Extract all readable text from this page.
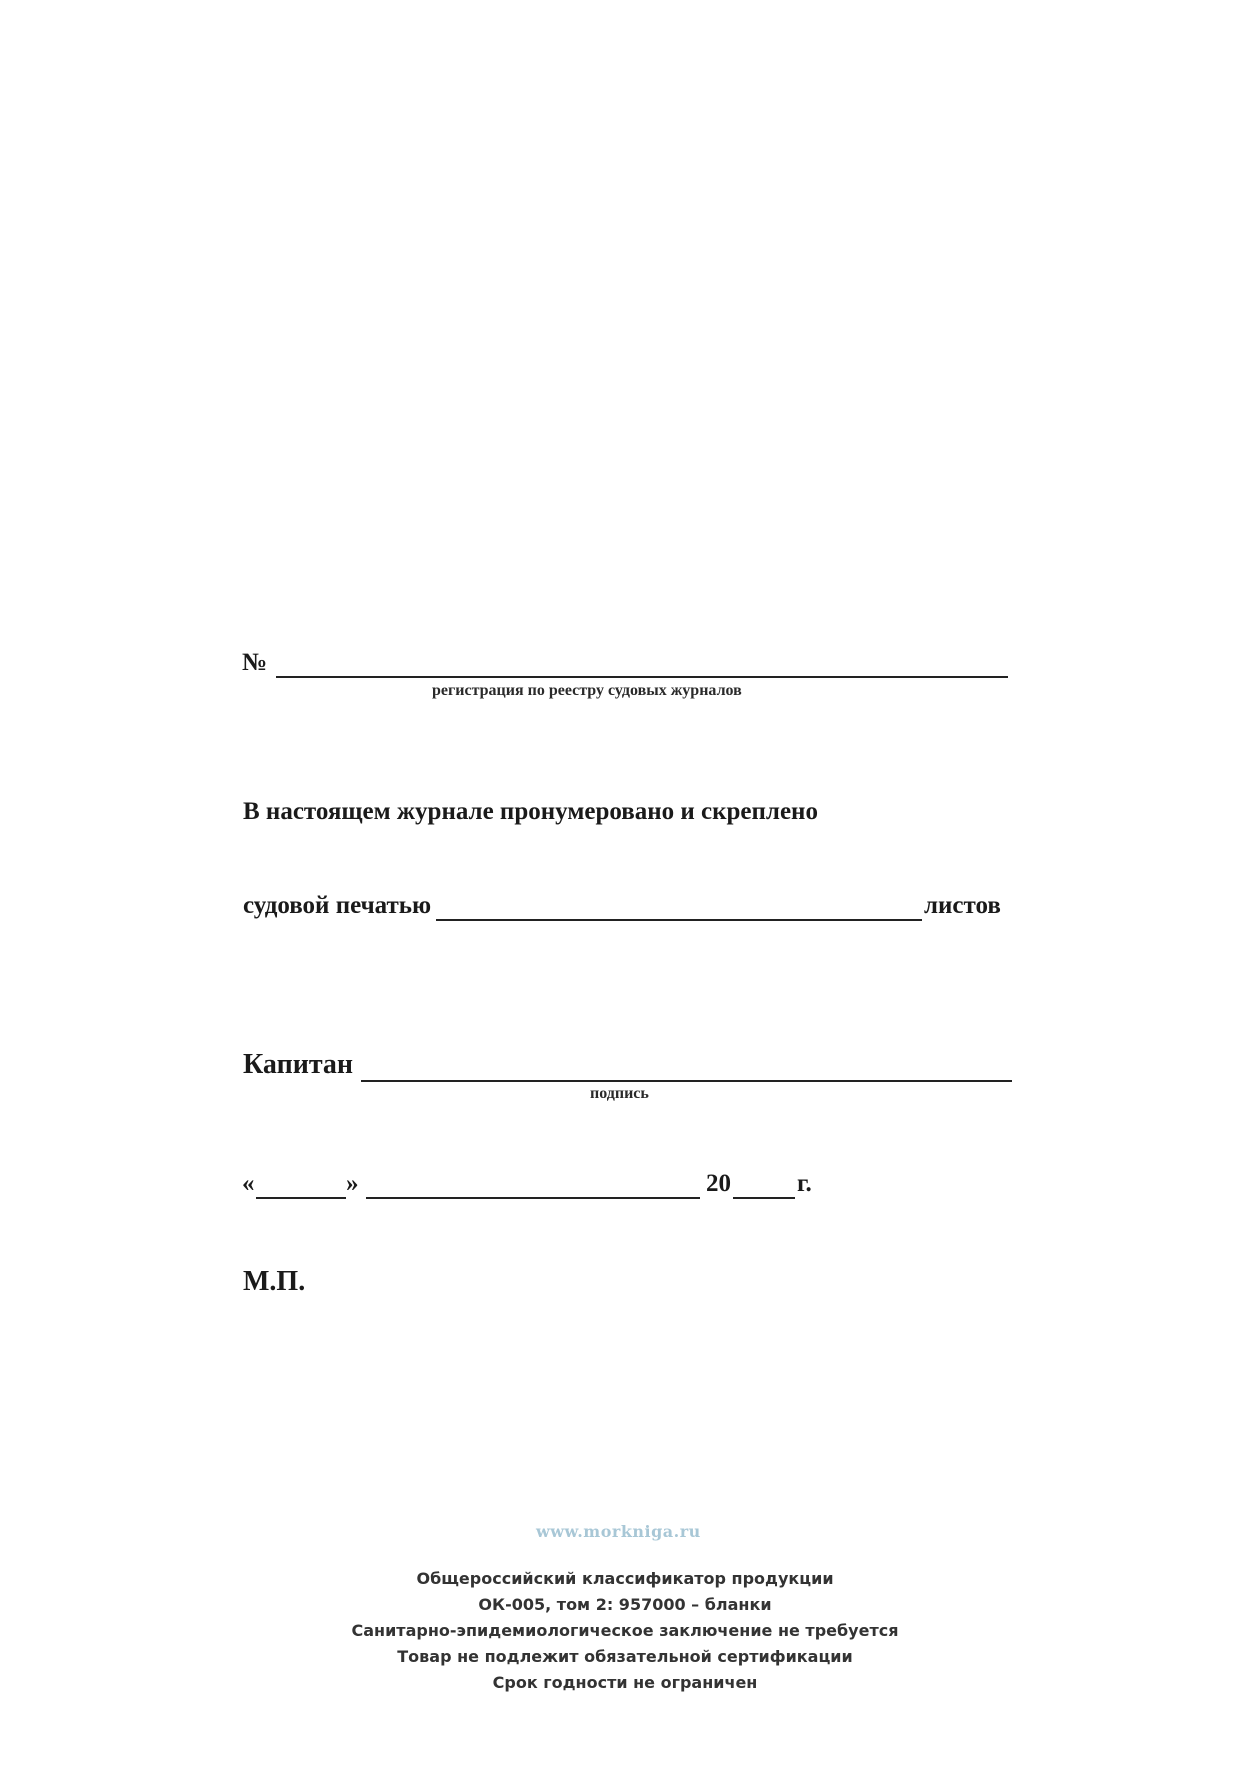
№
регистрация по реестру судовых журналов
В настоящем журнале пронумеровано и скреплено
судовой печатью	листов
Капитан
подпись
«	»	20	г.
М.П.
www.morkniga.ru
Общероссийский классификатор продукции
ОК-005, том 2: 957000 – бланки
Санитарно-эпидемиологическое заключение не требуется
Товар не подлежит обязательной сертификации
Срок годности не ограничен
